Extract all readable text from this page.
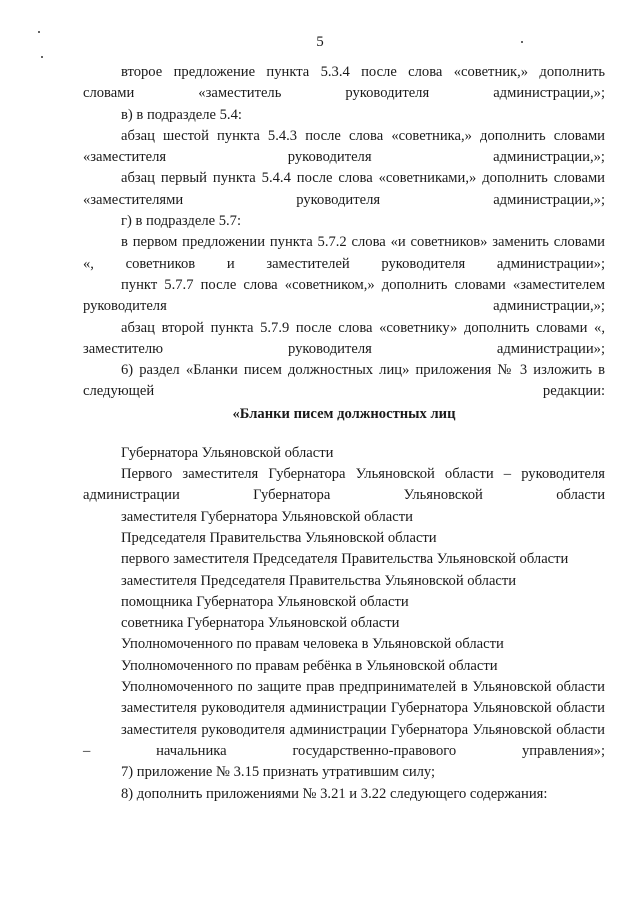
5

второе предложение пункта 5.3.4 после слова «советник,» дополнить словами «заместитель руководителя администрации,»;

в) в подразделе 5.4:

абзац шестой пункта 5.4.3 после слова «советника,» дополнить словами «заместителя руководителя администрации,»;

абзац первый пункта 5.4.4 после слова «советниками,» дополнить словами «заместителями руководителя администрации,»;

г) в подразделе 5.7:

в первом предложении пункта 5.7.2 слова «и советников» заменить словами «, советников и заместителей руководителя администрации»;

пункт 5.7.7 после слова «советником,» дополнить словами «заместителем руководителя администрации,»;

абзац второй пункта 5.7.9 после слова «советнику» дополнить словами «, заместителю руководителя администрации»;

6) раздел «Бланки писем должностных лиц» приложения № 3 изложить в следующей редакции:

«Бланки писем должностных лиц

Губернатора Ульяновской области

Первого заместителя Губернатора Ульяновской области – руководителя администрации Губернатора Ульяновской области

заместителя Губернатора Ульяновской области

Председателя Правительства Ульяновской области

первого заместителя Председателя Правительства Ульяновской области

заместителя Председателя Правительства Ульяновской области

помощника Губернатора Ульяновской области

советника Губернатора Ульяновской области

Уполномоченного по правам человека в Ульяновской области

Уполномоченного по правам ребёнка в Ульяновской области

Уполномоченного по защите прав предпринимателей в Ульяновской области

заместителя руководителя администрации Губернатора Ульяновской области

заместителя руководителя администрации Губернатора Ульяновской области – начальника государственно-правового управления»;

7) приложение № 3.15 признать утратившим силу;

8) дополнить приложениями № 3.21 и 3.22 следующего содержания:
